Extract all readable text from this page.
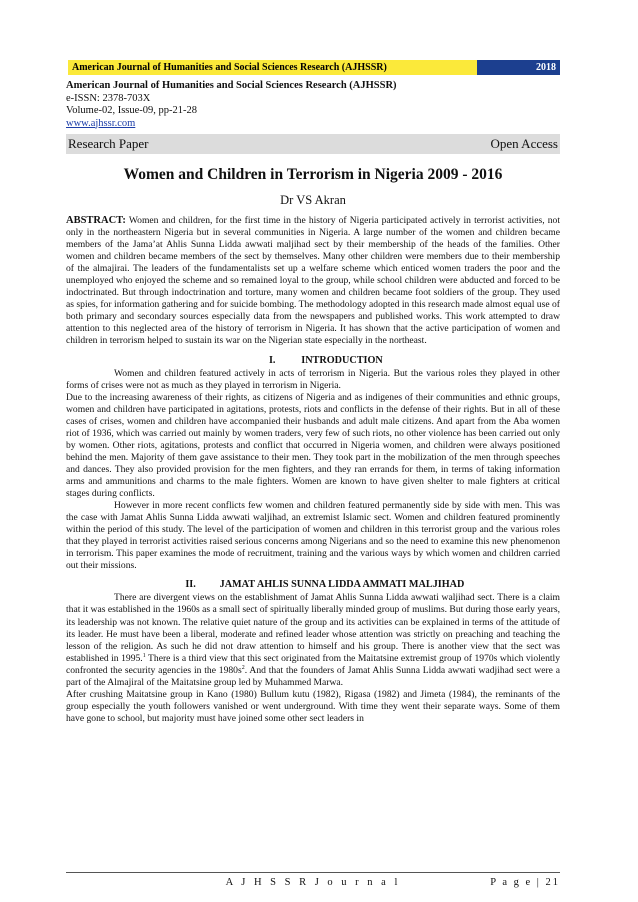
American Journal of Humanities and Social Sciences Research (AJHSSR)	2018
American Journal of Humanities and Social Sciences Research (AJHSSR)
e-ISSN: 2378-703X
Volume-02, Issue-09, pp-21-28
www.ajhssr.com
Research Paper	Open Access
Women and Children in Terrorism in Nigeria 2009 - 2016
Dr VS Akran

ABSTRACT: Women and children, for the first time in the history of Nigeria participated actively in terrorist activities, not only in the northeastern Nigeria but in several communities in Nigeria. A large number of the women and children became members of the Jama’at Ahlis Sunna Lidda awwati maljihad sect by their membership of the heads of the families. Other women and children became members of the sect by themselves. Many other children were members due to their membership of the almajirai. The leaders of the fundamentalists set up a welfare scheme which enticed women traders the poor and the unemployed who enjoyed the scheme and so remained loyal to the group, while school children were abducted and forced to be indoctrinated. But through indoctrination and torture, many women and children became foot soldiers of the group. They used as spies, for information gathering and for suicide bombing. The methodology adopted in this research made almost equal use of both primary and secondary sources especially data from the newspapers and published works. This work attempted to draw attention to this neglected area of the history of terrorism in Nigeria. It has shown that the active participation of women and children in terrorism helped to sustain its war on the Nigerian state especially in the northeast.

I.	INTRODUCTION

Women and children featured actively in acts of terrorism in Nigeria. But the various roles they played in other forms of crises were not as much as they played in terrorism in Nigeria.

Due to the increasing awareness of their rights, as citizens of Nigeria and as indigenes of their communities and ethnic groups, women and children have participated in agitations, protests, riots and conflicts in the defense of their rights. But in all of these cases of crises, women and children have accompanied their husbands and adult male citizens. And apart from the Aba women riot of 1936, which was carried out mainly by women traders, very few of such riots, no other violence has been carried out only by women. Other riots, agitations, protests and conflict that occurred in Nigeria women, and children were always positioned behind the men. Majority of them gave assistance to their men. They took part in the mobilization of the men through speeches and dances. They also provided provision for the men fighters, and they ran errands for them, in terms of taking information arms and ammunitions and charms to the male fighters. Women are known to have given shelter to male fighters at critical stages during conflicts.

However in more recent conflicts few women and children featured permanently side by side with men. This was the case with Jamat Ahlis Sunna Lidda awwati waljihad, an extremist Islamic sect. Women and children featured prominently within the period of this study. The level of the participation of women and children in this terrorist group and the various roles that they played in terrorist activities raised serious concerns among Nigerians and so the need to examine this new phenomenon in terrorism. This paper examines the mode of recruitment, training and the various ways by which women and children carried out their missions.

II. JAMAT AHLIS SUNNA LIDDA AMMATI MALJIHAD

There are divergent views on the establishment of Jamat Ahlis Sunna Lidda awwati waljihad sect. There is a claim that it was established in the 1960s as a small sect of spiritually liberally minded group of muslims. But during those early years, its leadership was not known. The relative quiet nature of the group and its activities can be explained in terms of the attitude of its leader. He must have been a liberal, moderate and refined leader whose attention was strictly on preaching and teaching the lesson of the religion. As such he did not draw attention to himself and his group. There is another view that the sect was established in 1995.$^1$ There is a third view that this sect originated from the Maitatsine extremist group of 1970s which violently confronted the security agencies in the $1980s^2$. And that the founders of Jamat Ahlis Sunna Lidda awwati wadjihad sect were a part of the Almajiral of the Maitatsine group led by Muhammed Marwa.

After crushing Maitatsine group in Kano (1980) Bullum kutu (1982), Rigasa (1982) and Jimeta (1984), the reminants of the group especially the youth followers vanished or went underground. With time they went their separate ways. Some of them have gone to school, but majority must have joined some other sect leaders in

A J H S S R J o u r n a l	P a g e | 21
